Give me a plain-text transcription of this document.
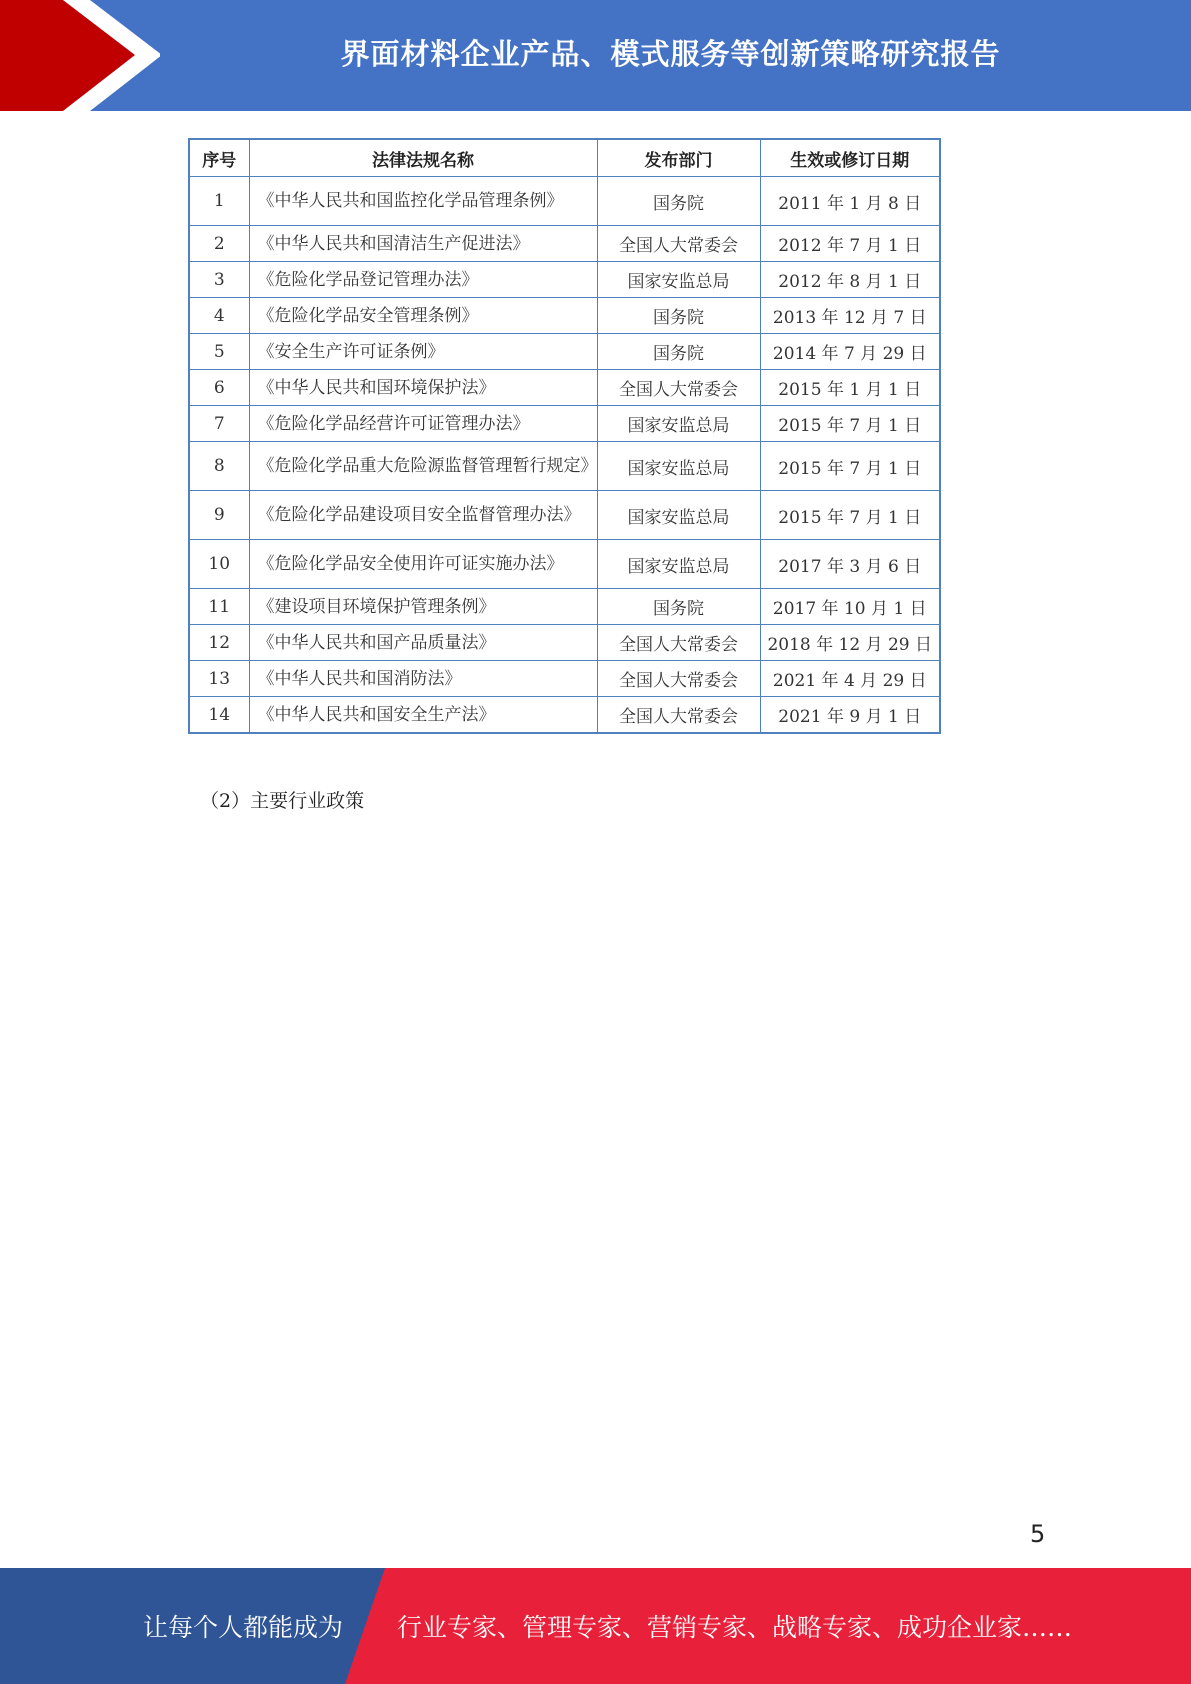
界面材料企业产品、模式服务等创新策略研究报告
序号	法律法规名称	发布部门	生效或修订日期
1	《中华人民共和国监控化学品管理条例》	国务院	2011 年 1 月 8 日
2	《中华人民共和国清洁生产促进法》	全国人大常委会	2012 年 7 月 1 日
3	《危险化学品登记管理办法》	国家安监总局	2012 年 8 月 1 日
4	《危险化学品安全管理条例》	国务院	2013 年 12 月 7 日
5	《安全生产许可证条例》	国务院	2014 年 7 月 29 日
6	《中华人民共和国环境保护法》	全国人大常委会	2015 年 1 月 1 日
7	《危险化学品经营许可证管理办法》	国家安监总局	2015 年 7 月 1 日
8	《危险化学品重大危险源监督管理暂行规定》	国家安监总局	2015 年 7 月 1 日
9	《危险化学品建设项目安全监督管理办法》	国家安监总局	2015 年 7 月 1 日
10	《危险化学品安全使用许可证实施办法》	国家安监总局	2017 年 3 月 6 日
11	《建设项目环境保护管理条例》	国务院	2017 年 10 月 1 日
12	《中华人民共和国产品质量法》	全国人大常委会	2018 年 12 月 29 日
13	《中华人民共和国消防法》	全国人大常委会	2021 年 4 月 29 日
14	《中华人民共和国安全生产法》	全国人大常委会	2021 年 9 月 1 日
（2）主要行业政策
5
让每个人都能成为 行业专家、管理专家、营销专家、战略专家、成功企业家……
